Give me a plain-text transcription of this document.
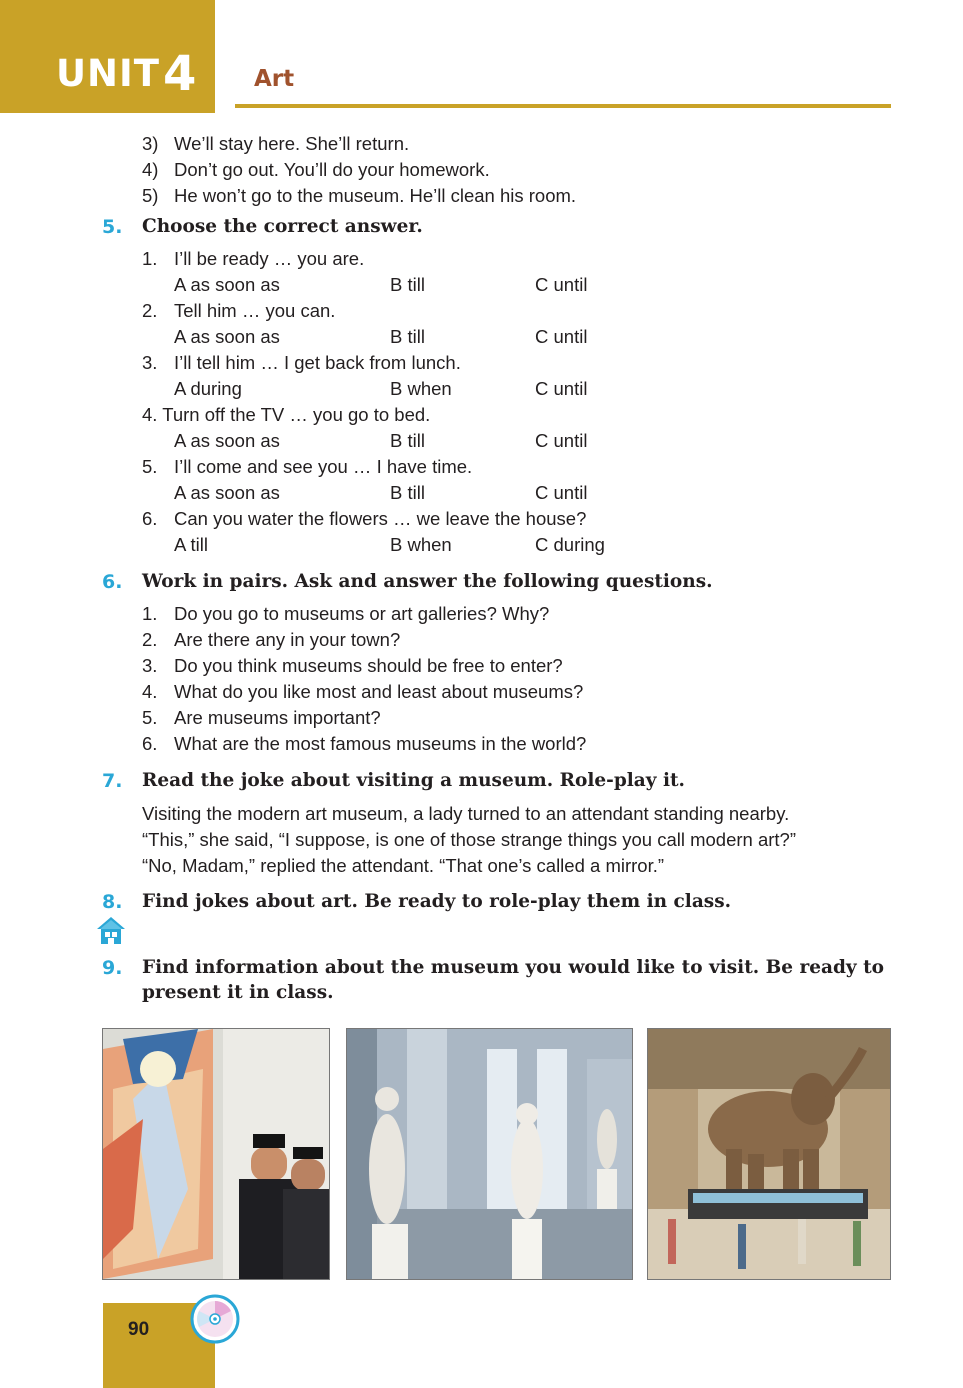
UNIT 4	Art
3) We’ll stay here. She’ll return.
4) Don’t go out. You’ll do your homework.
5) He won’t go to the museum. He’ll clean his room.
5. Choose the correct answer.
1. I’ll be ready … you are.
A as soon as	B till	C until
2. Tell him … you can.
A as soon as	B till	C until
3. I’ll tell him … I get back from lunch.
A during	B when	C until
4. Turn off the TV … you go to bed.
A as soon as	B till	C until
5. I’ll come and see you … I have time.
A as soon as	B till	C until
6. Can you water the flowers … we leave the house?
A till	B when	C during
6. Work in pairs. Ask and answer the following questions.
1. Do you go to museums or art galleries? Why?
2. Are there any in your town?
3. Do you think museums should be free to enter?
4. What do you like most and least about museums?
5. Are museums important?
6. What are the most famous museums in the world?
7. Read the joke about visiting a museum. Role-play it.
Visiting the modern art museum, a lady turned to an attendant standing nearby.
“This,” she said, “I suppose, is one of those strange things you call modern art?”
“No, Madam,” replied the attendant. “That one’s called a mirror.”
8. Find jokes about art. Be ready to role-play them in class.
9. Find information about the museum you would like to visit. Be ready to
present it in class.
90
